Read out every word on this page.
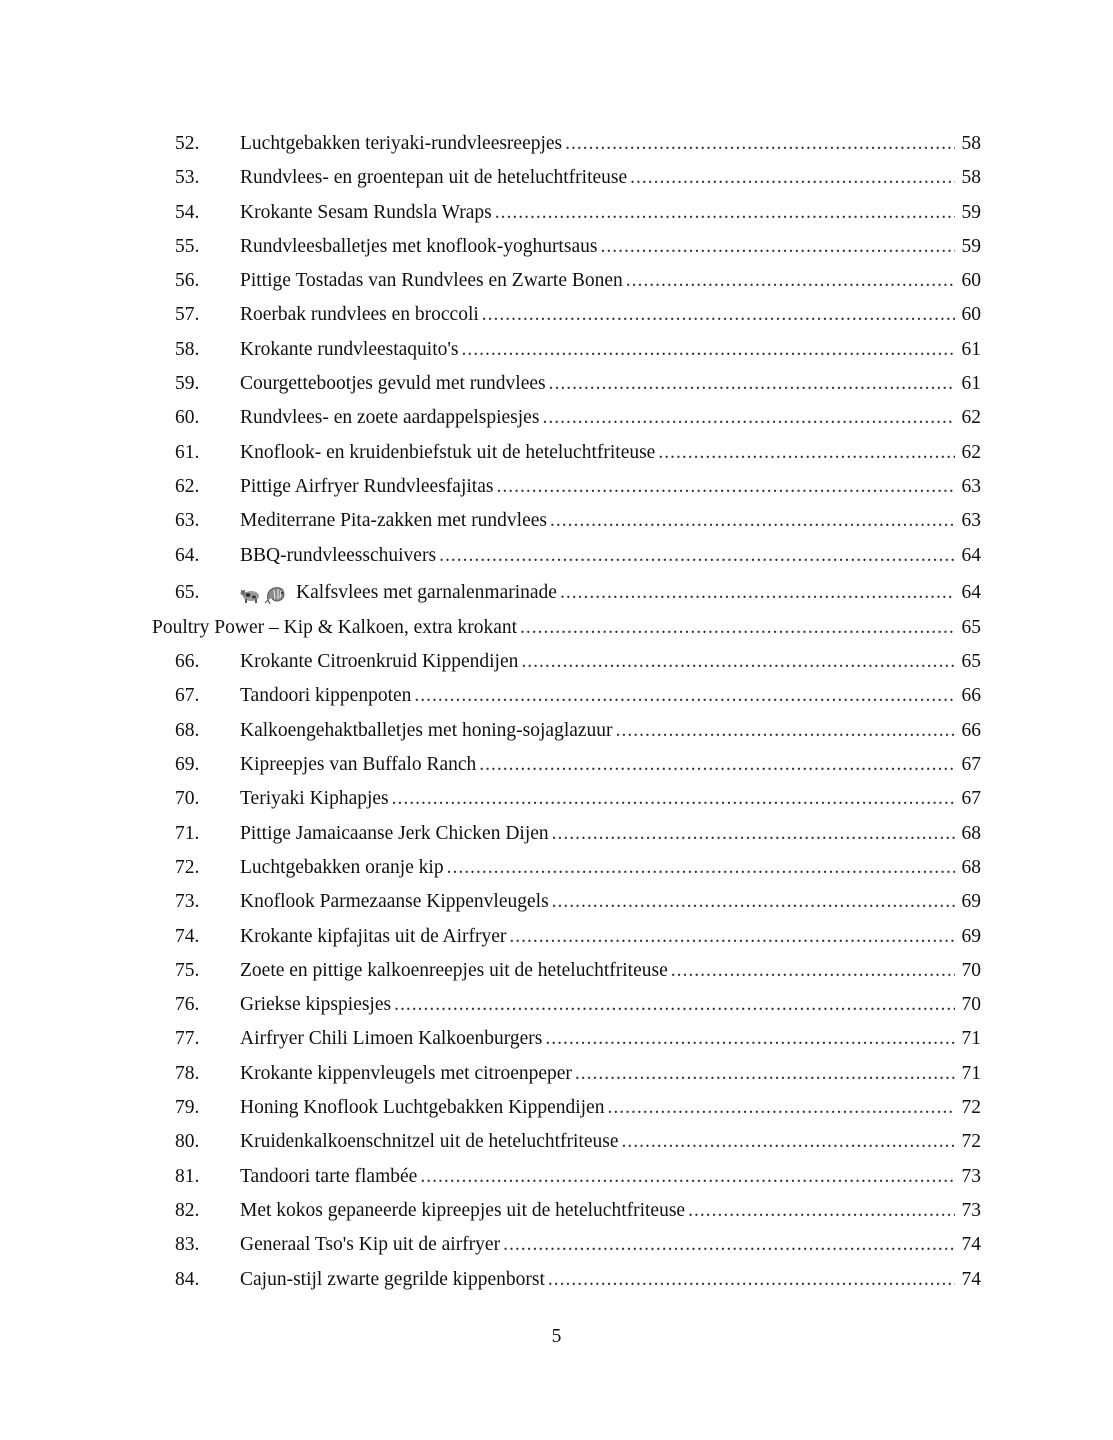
52.	Luchtgebakken teriyaki-rundvleesreepjes .....	58
53.	Rundvlees- en groentepan uit de heteluchtfriteuse .....	58
54.	Krokante Sesam Rundsla Wraps .....	59
55.	Rundvleesballetjes met knoflook-yoghurtsaus .....	59
56.	Pittige Tostadas van Rundvlees en Zwarte Bonen .....	60
57.	Roerbak rundvlees en broccoli .....	60
58.	Krokante rundvleestaquito's .....	61
59.	Courgettebootjes gevuld met rundvlees .....	61
60.	Rundvlees- en zoete aardappelspiesjes .....	62
61.	Knoflook- en kruidenbiefstuk uit de heteluchtfriteuse .....	62
62.	Pittige Airfryer Rundvleesfajitas .....	63
63.	Mediterrane Pita-zakken met rundvlees .....	63
64.	BBQ-rundvleesschuivers .....	64
65.	Kalfsvlees met garnalenmarinade .....	64
Poultry Power – Kip & Kalkoen, extra krokant .....	65
66.	Krokante Citroenkruid Kippendijen .....	65
67.	Tandoori kippenpoten .....	66
68.	Kalkoengehaktballetjes met honing-sojaglazuur .....	66
69.	Kipreepjes van Buffalo Ranch .....	67
70.	Teriyaki Kiphapjes .....	67
71.	Pittige Jamaicaanse Jerk Chicken Dijen .....	68
72.	Luchtgebakken oranje kip .....	68
73.	Knoflook Parmezaanse Kippenvleugels .....	69
74.	Krokante kipfajitas uit de Airfryer .....	69
75.	Zoete en pittige kalkoenreepjes uit de heteluchtfriteuse .....	70
76.	Griekse kipspiesjes .....	70
77.	Airfryer Chili Limoen Kalkoenburgers .....	71
78.	Krokante kippenvleugels met citroenpeper .....	71
79.	Honing Knoflook Luchtgebakken Kippendijen .....	72
80.	Kruidenkalkoenschnitzel uit de heteluchtfriteuse .....	72
81.	Tandoori tarte flambée .....	73
82.	Met kokos gepaneerde kipreepjes uit de heteluchtfriteuse .....	73
83.	Generaal Tso's Kip uit de airfryer .....	74
84.	Cajun-stijl zwarte gegrilde kippenborst .....	74
5
